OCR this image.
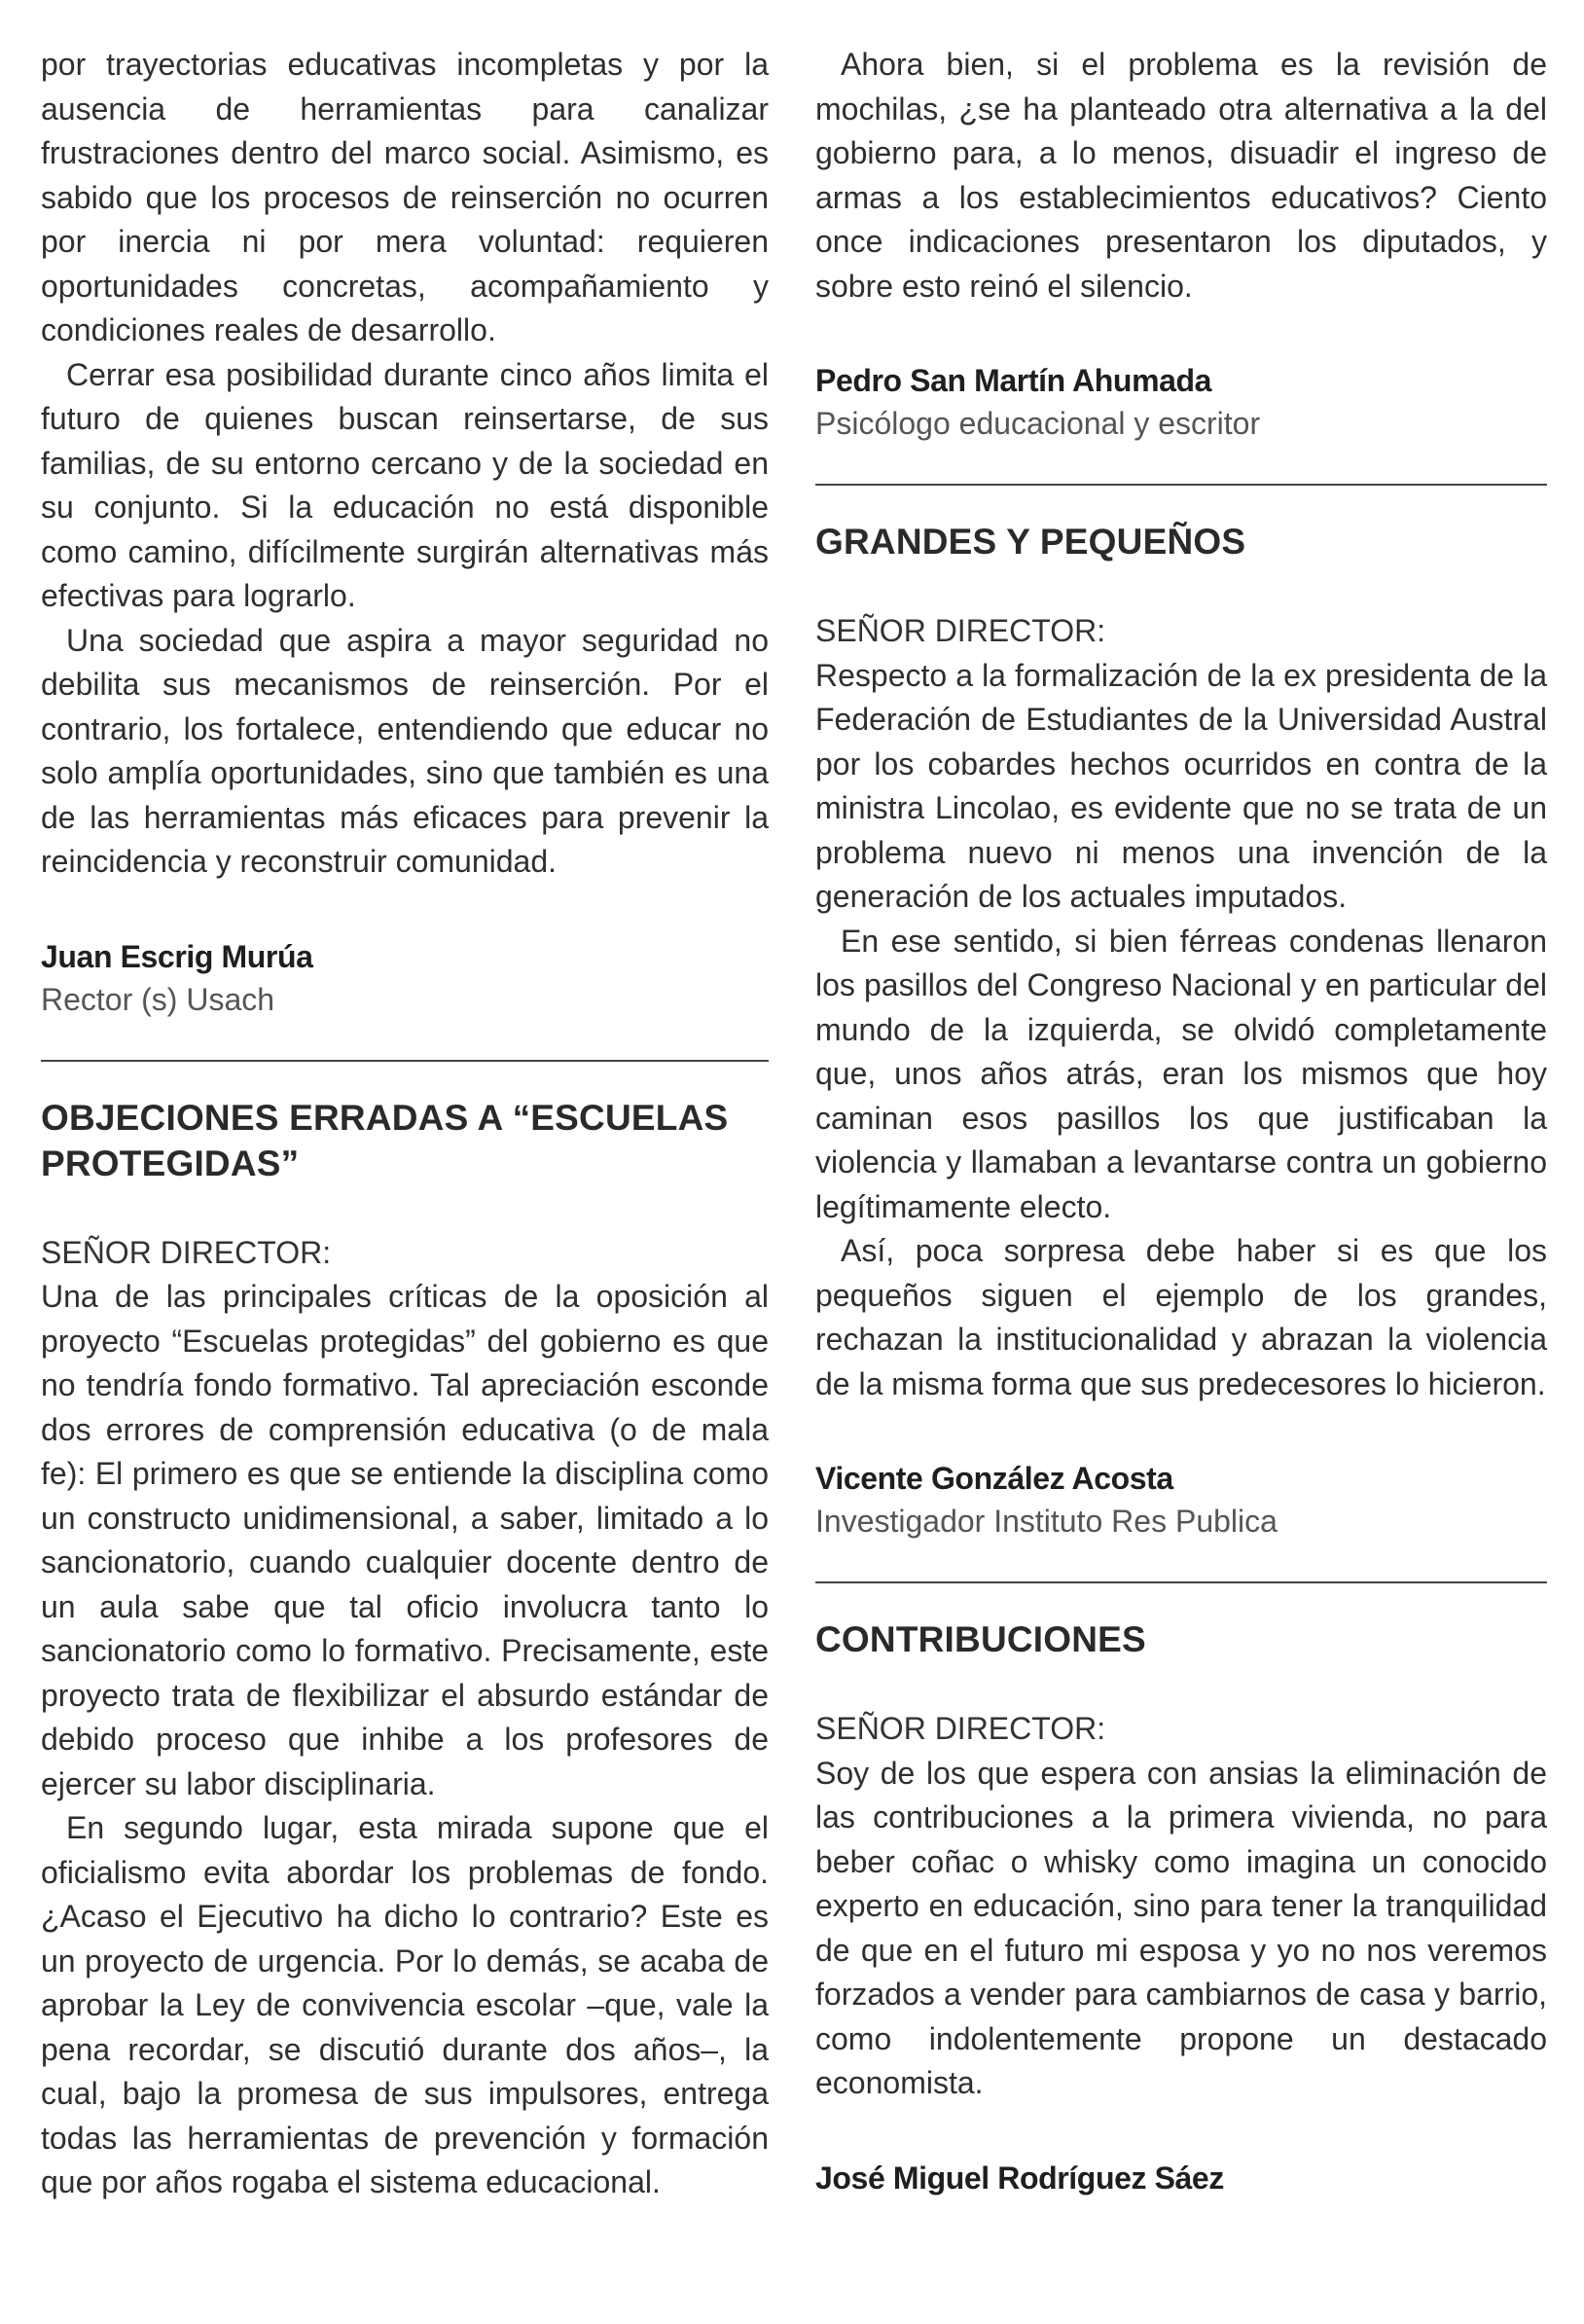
por trayectorias educativas incompletas y por la ausencia de herramientas para canalizar frustraciones dentro del marco social. Asimismo, es sabido que los procesos de reinserción no ocurren por inercia ni por mera voluntad: requieren oportunidades concretas, acompañamiento y condiciones reales de desarrollo.

Cerrar esa posibilidad durante cinco años limita el futuro de quienes buscan reinsertarse, de sus familias, de su entorno cercano y de la sociedad en su conjunto. Si la educación no está disponible como camino, difícilmente surgirán alternativas más efectivas para lograrlo.

Una sociedad que aspira a mayor seguridad no debilita sus mecanismos de reinserción. Por el contrario, los fortalece, entendiendo que educar no solo amplía oportunidades, sino que también es una de las herramientas más eficaces para prevenir la reincidencia y reconstruir comunidad.

Juan Escrig Murúa

Rector (s) Usach

OBJECIONES ERRADAS A “ESCUELAS PROTEGIDAS”

SEÑOR DIRECTOR:

Una de las principales críticas de la oposición al proyecto “Escuelas protegidas” del gobierno es que no tendría fondo formativo. Tal apreciación esconde dos errores de comprensión educativa (o de mala fe): El primero es que se entiende la disciplina como un constructo unidimensional, a saber, limitado a lo sancionatorio, cuando cualquier docente dentro de un aula sabe que tal oficio involucra tanto lo sancionatorio como lo formativo. Precisamente, este proyecto trata de flexibilizar el absurdo estándar de debido proceso que inhibe a los profesores de ejercer su labor disciplinaria.

En segundo lugar, esta mirada supone que el oficialismo evita abordar los problemas de fondo. ¿Acaso el Ejecutivo ha dicho lo contrario? Este es un proyecto de urgencia. Por lo demás, se acaba de aprobar la Ley de convivencia escolar –que, vale la pena recordar, se discutió durante dos años–, la cual, bajo la promesa de sus impulsores, entrega todas las herramientas de prevención y formación que por años rogaba el sistema educacional.

Ahora bien, si el problema es la revisión de mochilas, ¿se ha planteado otra alternativa a la del gobierno para, a lo menos, disuadir el ingreso de armas a los establecimientos educativos? Ciento once indicaciones presentaron los diputados, y sobre esto reinó el silencio.

Pedro San Martín Ahumada

Psicólogo educacional y escritor

GRANDES Y PEQUEÑOS

SEÑOR DIRECTOR:

Respecto a la formalización de la ex presidenta de la Federación de Estudiantes de la Universidad Austral por los cobardes hechos ocurridos en contra de la ministra Lincolao, es evidente que no se trata de un problema nuevo ni menos una invención de la generación de los actuales imputados.

En ese sentido, si bien férreas condenas llenaron los pasillos del Congreso Nacional y en particular del mundo de la izquierda, se olvidó completamente que, unos años atrás, eran los mismos que hoy caminan esos pasillos los que justificaban la violencia y llamaban a levantarse contra un gobierno legítimamente electo.

Así, poca sorpresa debe haber si es que los pequeños siguen el ejemplo de los grandes, rechazan la institucionalidad y abrazan la violencia de la misma forma que sus predecesores lo hicieron.

Vicente González Acosta

Investigador Instituto Res Publica

CONTRIBUCIONES

SEÑOR DIRECTOR:

Soy de los que espera con ansias la eliminación de las contribuciones a la primera vivienda, no para beber coñac o whisky como imagina un conocido experto en educación, sino para tener la tranquilidad de que en el futuro mi esposa y yo no nos veremos forzados a vender para cambiarnos de casa y barrio, como indolentemente propone un destacado economista.

José Miguel Rodríguez Sáez
